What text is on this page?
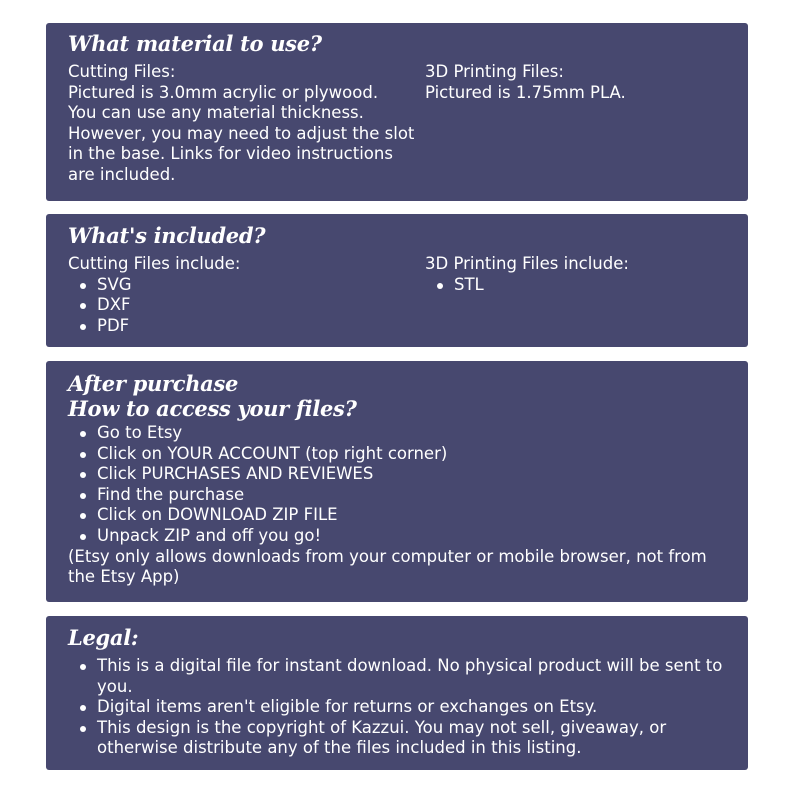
What material to use?

Cutting Files:

Pictured is 3.0mm acrylic or plywood.

You can use any material thickness.

However, you may need to adjust the slot

in the base. Links for video instructions

are included.

3D Printing Files:

Pictured is 1.75mm PLA.

What's included?

Cutting Files include:

SVG
DXF
PDF

3D Printing Files include:

STL
After purchase
How to access your files?
Go to Etsy
Click on YOUR ACCOUNT (top right corner)
Click PURCHASES AND REVIEWES
Find the purchase
Click on DOWNLOAD ZIP FILE
Unpack ZIP and off you go!

(Etsy only allows downloads from your computer or mobile browser, not from

the Etsy App)

Legal:
This is a digital file for instant download. No physical product will be sent to
you.
Digital items aren't eligible for returns or exchanges on Etsy.
This design is the copyright of Kazzui. You may not sell, giveaway, or
otherwise distribute any of the files included in this listing.
